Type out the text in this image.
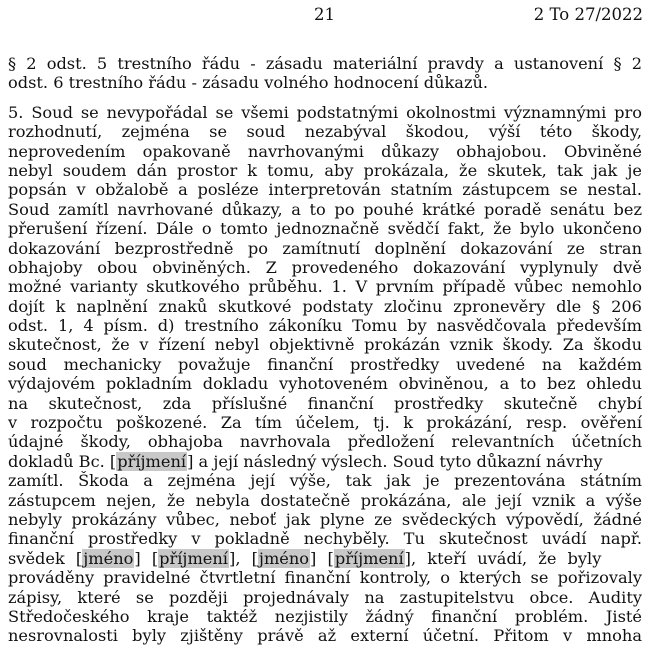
21	2 To 27/2022
§ 2 odst. 5 trestního řádu - zásadu materiální pravdy a ustanovení § 2
odst. 6 trestního řádu - zásadu volného hodnocení důkazů.
5. Soud se nevypořádal se všemi podstatnými okolnostmi významnými pro
rozhodnutí, zejména se soud nezabýval škodou, výší této škody,
neprovedením opakovaně navrhovanými důkazy obhajobou. Obviněné
nebyl soudem dán prostor k tomu, aby prokázala, že skutek, tak jak je
popsán v obžalobě a posléze interpretován statním zástupcem se nestal.
Soud zamítl navrhované důkazy, a to po pouhé krátké poradě senátu bez
přerušení řízení. Dále o tomto jednoznačně svědčí fakt, že bylo ukončeno
dokazování bezprostředně po zamítnutí doplnění dokazování ze stran
obhajoby obou obviněných. Z provedeného dokazování vyplynuly dvě
možné varianty skutkového průběhu. 1. V prvním případě vůbec nemohlo
dojít k naplnění znaků skutkové podstaty zločinu zpronevěry dle § 206
odst. 1, 4 písm. d) trestního zákoníku Tomu by nasvědčovala především
skutečnost, že v řízení nebyl objektivně prokázán vznik škody. Za škodu
soud mechanicky považuje finanční prostředky uvedené na každém
výdajovém pokladním dokladu vyhotoveném obviněnou, a to bez ohledu
na skutečnost, zda příslušné finanční prostředky skutečně chybí
v rozpočtu poškozené. Za tím účelem, tj. k prokázání, resp. ověření
údajné škody, obhajoba navrhovala předložení relevantních účetních
dokladů Bc. [příjmení] a její následný výslech. Soud tyto důkazní návrhy
zamítl. Škoda a zejména její výše, tak jak je prezentována státním
zástupcem nejen, že nebyla dostatečně prokázána, ale její vznik a výše
nebyly prokázány vůbec, neboť jak plyne ze svědeckých výpovědí, žádné
finanční prostředky v pokladně nechyběly. Tu skutečnost uvádí např.
svědek [jméno] [příjmení], [jméno] [příjmení], kteří uvádí, že byly
prováděny pravidelné čtvrtletní finanční kontroly, o kterých se pořizovaly
zápisy, které se později projednávaly na zastupitelstvu obce. Audity
Středočeského kraje taktéž nezjistily žádný finanční problém. Jisté
nesrovnalosti byly zjištěny právě až externí účetní. Přitom v mnoha
